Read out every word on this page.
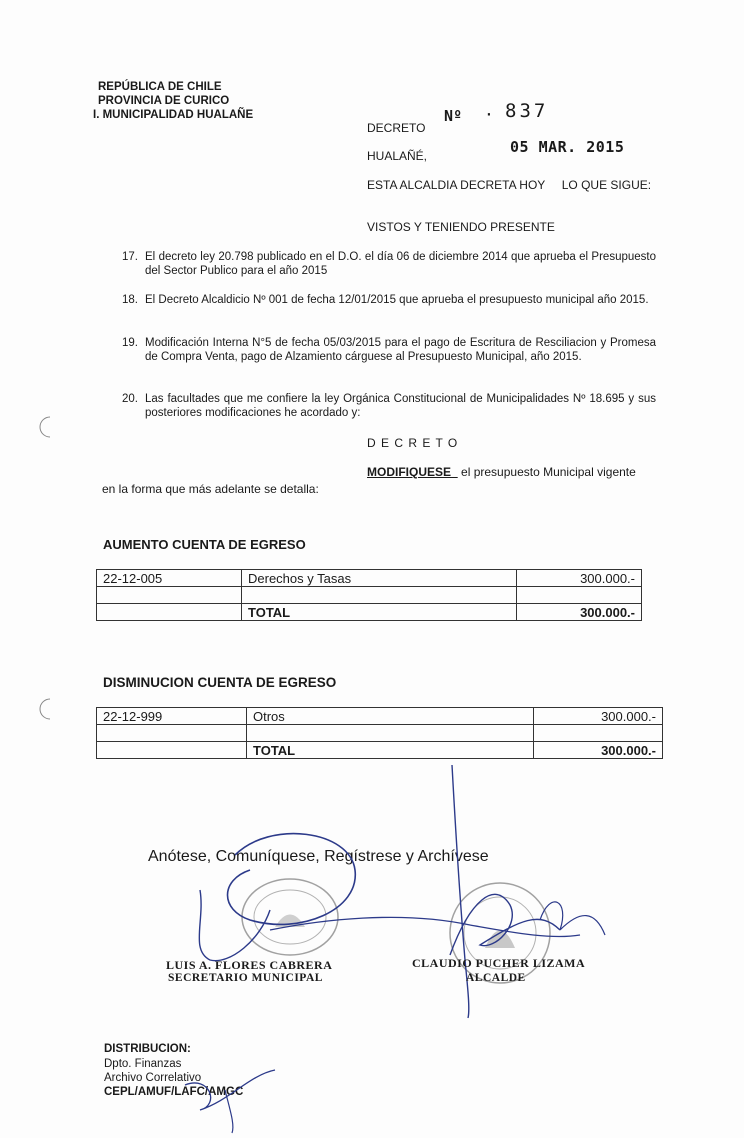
REPÚBLICA DE CHILE
PROVINCIA DE CURICO
I. MUNICIPALIDAD HUALAÑE
DECRETO
Nº · 837
HUALAÑÉ,	05 MAR. 2015
ESTA ALCALDIA DECRETA HOY     LO QUE SIGUE:
VISTOS Y TENIENDO PRESENTE
17. El decreto ley 20.798 publicado en el D.O. el día 06 de diciembre 2014 que aprueba el Presupuesto del Sector Publico para el año 2015
18. El Decreto Alcaldicio Nº 001 de fecha 12/01/2015 que aprueba el presupuesto municipal año 2015.
19. Modificación Interna N°5 de fecha 05/03/2015 para el pago de Escritura de Resciliacion y Promesa de Compra Venta, pago de Alzamiento cárguese al Presupuesto Municipal, año 2015.
20. Las facultades que me confiere la ley Orgánica Constitucional de Municipalidades Nº 18.695 y sus posteriores modificaciones he acordado y:
D E C R E T O
MODIFIQUESE el presupuesto Municipal vigente
en la forma que más adelante se detalla:
AUMENTO CUENTA DE EGRESO
22-12-005	Derechos y Tasas	300.000.-

	TOTAL	300.000.-
DISMINUCION CUENTA DE EGRESO
22-12-999	Otros	300.000.-

	TOTAL	300.000.-
Anótese, Comuníquese, Regístrese y Archívese
LUIS A. FLORES CABRERA
SECRETARIO MUNICIPAL
CLAUDIO PUCHER LIZAMA
ALCALDE
DISTRIBUCION:
Dpto. Finanzas
Archivo Correlativo
CEPL/AMUF/LAFC/AMGC
